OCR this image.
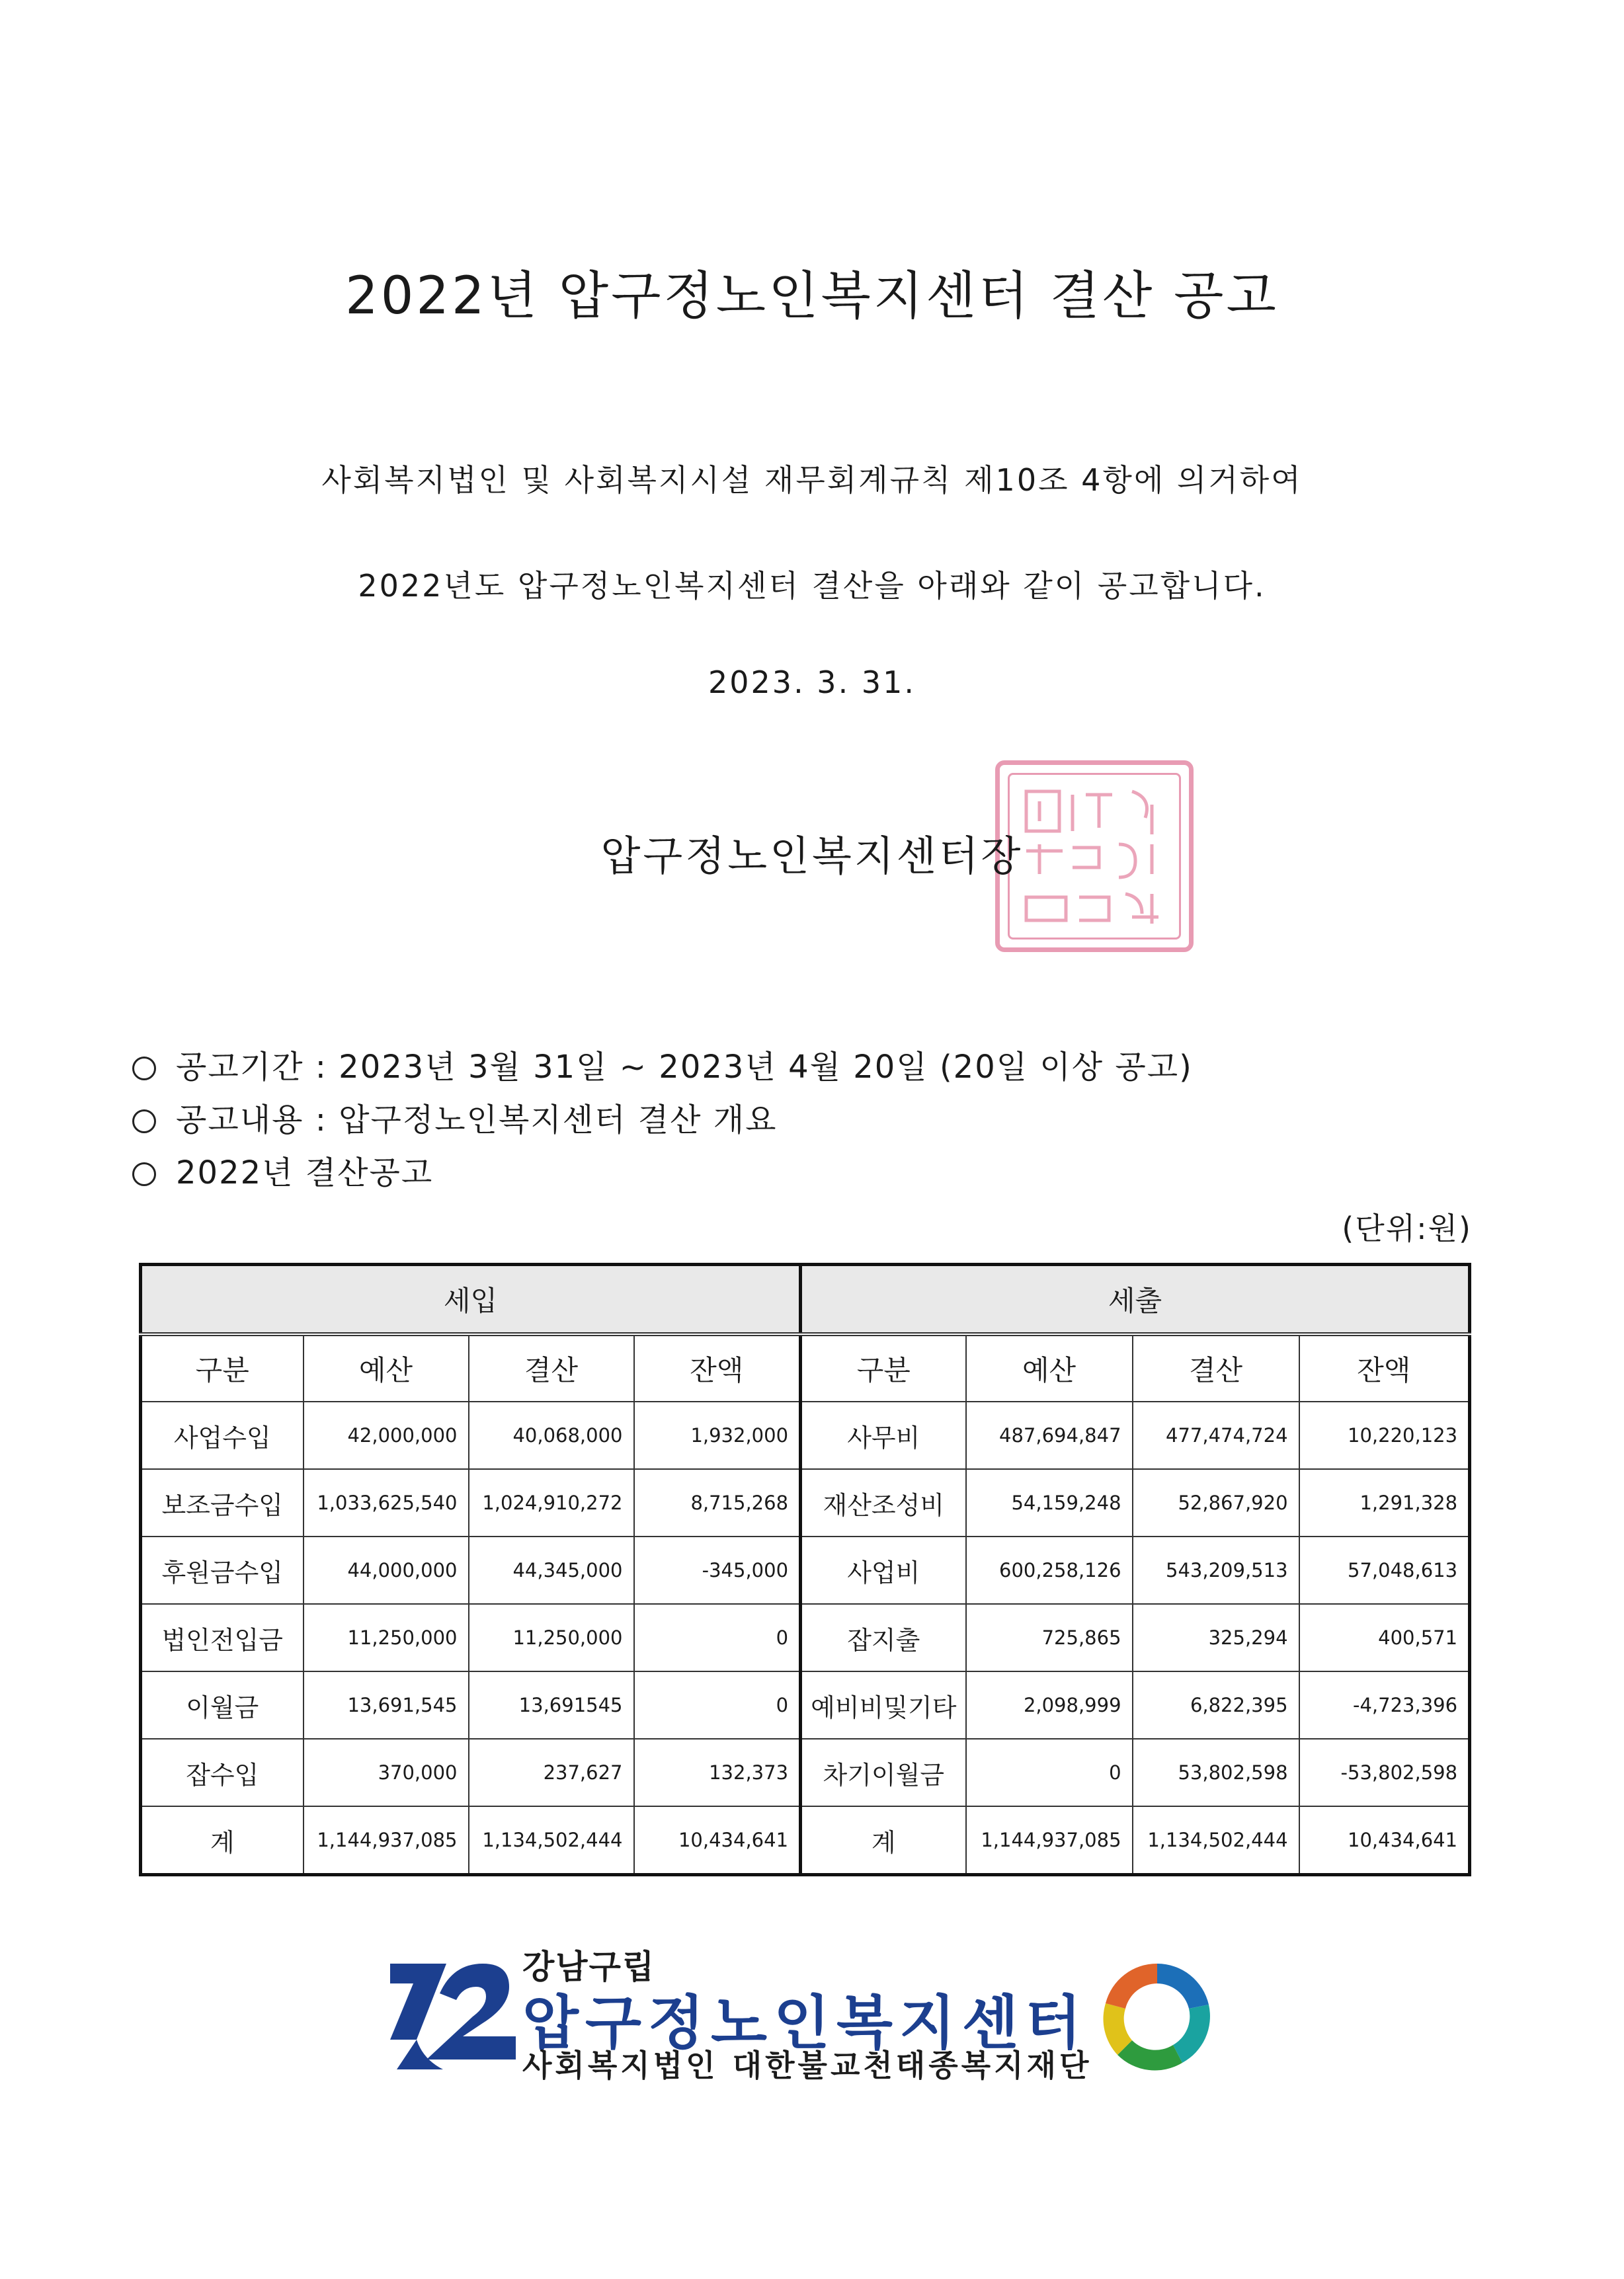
2022년 압구정노인복지센터 결산 공고
사회복지법인 및 사회복지시설 재무회계규칙 제10조 4항에 의거하여
2022년도 압구정노인복지센터 결산을 아래와 같이 공고합니다.
2023. 3. 31.
압구정노인복지센터장
공고기간 : 2023년 3월 31일 ~ 2023년 4월 20일 (20일 이상 공고)
공고내용 : 압구정노인복지센터 결산 개요
2022년 결산공고
(단위:원)
세입				세출			
구분	예산	결산	잔액	구분	예산	결산	잔액
사업수입	42,000,000	40,068,000	1,932,000	사무비	487,694,847	477,474,724	10,220,123
보조금수입	1,033,625,540	1,024,910,272	8,715,268	재산조성비	54,159,248	52,867,920	1,291,328
후원금수입	44,000,000	44,345,000	-345,000	사업비	600,258,126	543,209,513	57,048,613
법인전입금	11,250,000	11,250,000	0	잡지출	725,865	325,294	400,571
이월금	13,691,545	13,691545	0	예비비및기타	2,098,999	6,822,395	-4,723,396
잡수입	370,000	237,627	132,373	차기이월금	0	53,802,598	-53,802,598
계	1,144,937,085	1,134,502,444	10,434,641	계	1,144,937,085	1,134,502,444	10,434,641
강남구립
압구정노인복지센터
사회복지법인 대한불교천태종복지재단
